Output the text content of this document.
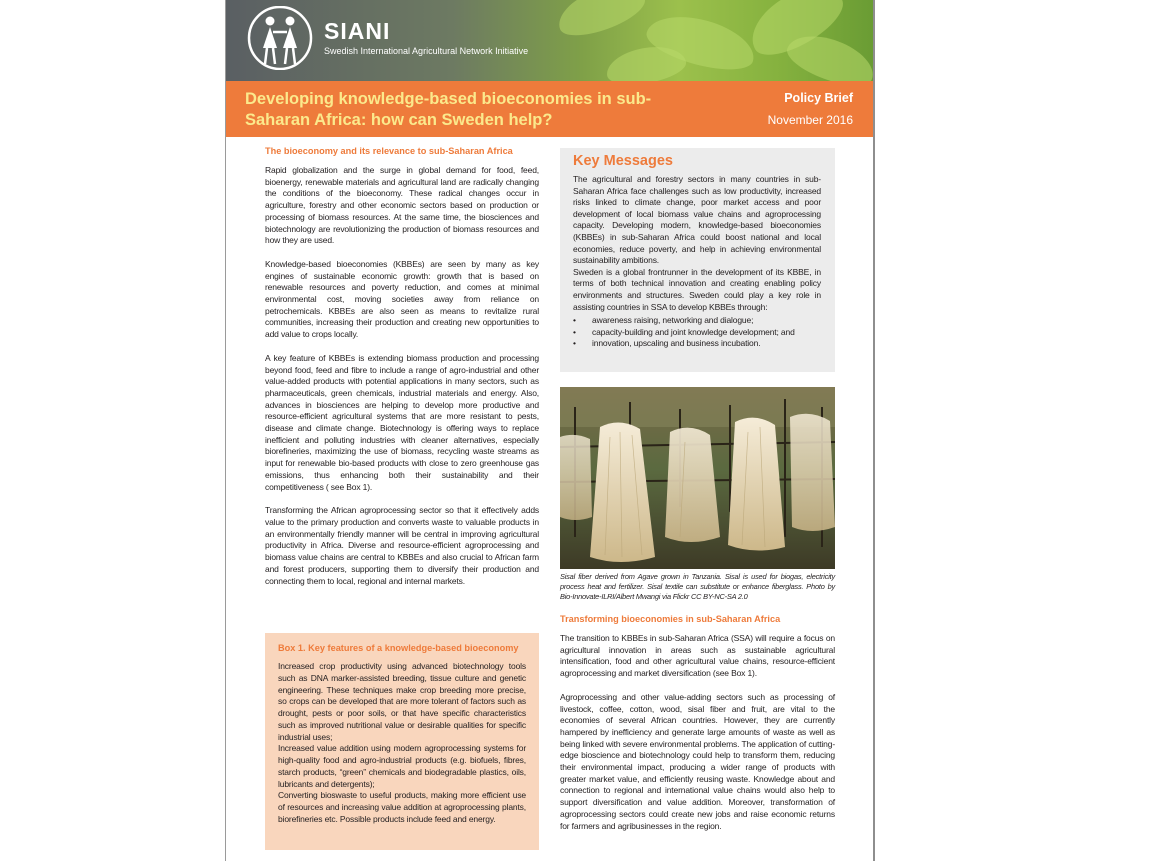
SIANI
Swedish International Agricultural Network Initiative
Developing knowledge-based bioeconomies in sub-Saharan Africa: how can Sweden help?
Policy Brief
November 2016
The bioeconomy and its relevance to sub-Saharan Africa

Rapid globalization and the surge in global demand for food, feed, bioenergy, renewable materials and agricultural land are radically changing the conditions of the bioeconomy. These radical changes occur in agriculture, forestry and other economic sectors based on production or processing of biomass resources. At the same time, the biosciences and biotechnology are revolutionizing the production of biomass resources and how they are used.

Knowledge-based bioeconomies (KBBEs) are seen by many as key engines of sustainable economic growth: growth that is based on renewable resources and poverty reduction, and comes at minimal environmental cost, moving societies away from reliance on petrochemicals. KBBEs are also seen as means to revitalize rural communities, increasing their production and creating new opportunities to add value to crops locally.

A key feature of KBBEs is extending biomass production and processing beyond food, feed and fibre to include a range of agro-industrial and other value-added products with potential applications in many sectors, such as pharmaceuticals, green chemicals, industrial materials and energy. Also, advances in biosciences are helping to develop more productive and resource-efficient agricultural systems that are more resistant to pests, disease and climate change. Biotechnology is offering ways to replace inefficient and polluting industries with cleaner alternatives, especially biorefineries, maximizing the use of biomass, recycling waste streams as input for renewable bio-based products with close to zero greenhouse gas emissions, thus enhancing both their sustainability and their competitiveness ( see Box 1).

Transforming the African agroprocessing sector so that it effectively adds value to the primary production and converts waste to valuable products in an environmentally friendly manner will be central in improving agricultural productivity in Africa. Diverse and resource-efficient agroprocessing and biomass value chains are central to KBBEs and also crucial to African farm and forest producers, supporting them to diversify their production and connecting them to local, regional and internal markets.

Box 1. Key features of a knowledge-based bioeconomy

Increased crop productivity using advanced biotechnology tools such as DNA marker-assisted breeding, tissue culture and genetic engineering. These techniques make crop breeding more precise, so crops can be developed that are more tolerant of factors such as drought, pests or poor soils, or that have specific characteristics such as improved nutritional value or desirable qualities for specific industrial uses;

Increased value addition using modern agroprocessing systems for high-quality food and agro-industrial products (e.g. biofuels, fibres, starch products, “green” chemicals and biodegradable plastics, oils, lubricants and detergents);

Converting bioswaste to useful products, making more efficient use of resources and increasing value addition at agroprocessing plants, biorefineries etc. Possible products include feed and energy.

Key Messages

The agricultural and forestry sectors in many countries in sub-Saharan Africa face challenges such as low productivity, increased risks linked to climate change, poor market access and poor development of local biomass value chains and agroprocessing capacity. Developing modern, knowledge-based bioeconomies (KBBEs) in sub-Saharan Africa could boost national and local economies, reduce poverty, and help in achieving environmental sustainability ambitions.

Sweden is a global frontrunner in the development of its KBBE, in terms of both technical innovation and creating enabling policy environments and structures. Sweden could play a key role in assisting countries in SSA to develop KBBEs through:

• awareness raising, networking and dialogue;
• capacity-building and joint knowledge development; and
• innovation, upscaling and business incubation.
Sisal fiber derived from Agave grown in Tanzania. Sisal is used for biogas, electricity process heat and fertilizer. Sisal textile can substitute or enhance fiberglass. Photo by Bio-Innovate-ILRI/Albert Mwangi via Flickr CC BY-NC-SA 2.0
Transforming bioeconomies in sub-Saharan Africa

The transition to KBBEs in sub-Saharan Africa (SSA) will require a focus on agricultural innovation in areas such as sustainable agricultural intensification, food and other agricultural value chains, resource-efficient agroprocessing and market diversification (see Box 1).

Agroprocessing and other value-adding sectors such as processing of livestock, coffee, cotton, wood, sisal fiber and fruit, are vital to the economies of several African countries. However, they are currently hampered by inefficiency and generate large amounts of waste as well as being linked with severe environmental problems. The application of cutting-edge bioscience and biotechnology could help to transform them, reducing their environmental impact, producing a wider range of products with greater market value, and efficiently reusing waste. Knowledge about and connection to regional and international value chains would also help to support diversification and value addition. Moreover, transformation of agroprocessing sectors could create new jobs and raise economic returns for farmers and agribusinesses in the region.
